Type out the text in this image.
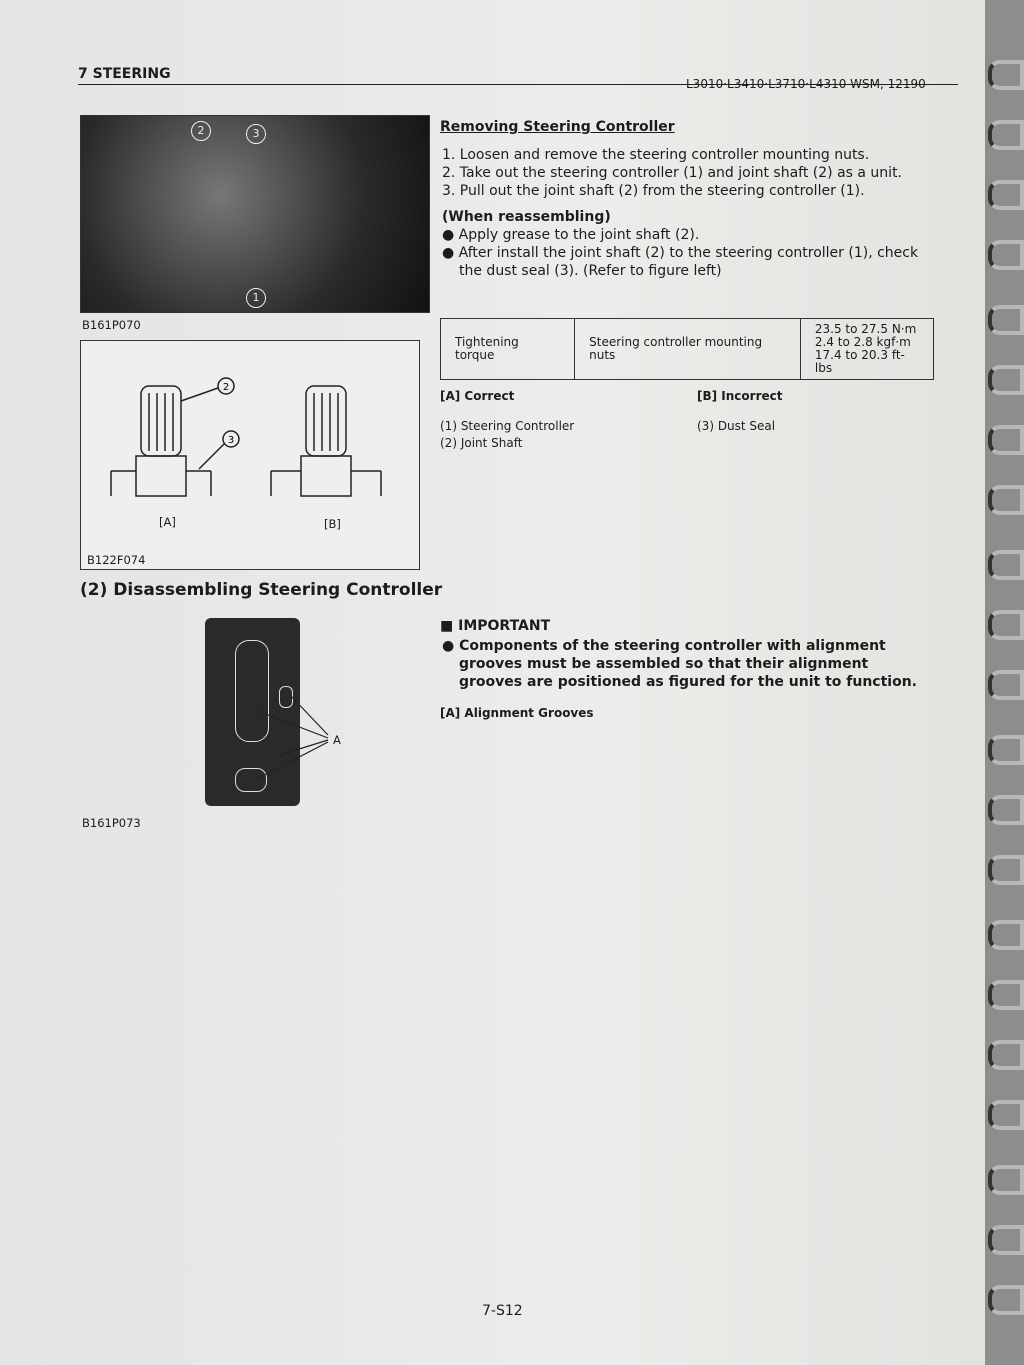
7 STEERING
L3010·L3410·L3710·L4310 WSM, 12190
2	3
1
B161P070
2
3
[A]	[B]
B122F074
(2) Disassembling Steering Controller
A
B161P073
Removing Steering Controller
1. Loosen and remove the steering controller mounting nuts.
2. Take out the steering controller (1) and joint shaft (2) as a unit.
3. Pull out the joint shaft (2) from the steering controller (1).
(When reassembling)
● Apply grease to the joint shaft (2).
● After install the joint shaft (2) to the steering controller (1), check the dust seal (3). (Refer to figure left)
Tightening torque	Steering controller mounting nuts	
23.5 to 27.5 N·m
2.4 to 2.8 kgf·m
17.4 to 20.3 ft-lbs
[A] Correct	[B] Incorrect
(1) Steering Controller
(2) Joint Shaft
(3) Dust Seal
■ IMPORTANT
● Components of the steering controller with alignment grooves must be assembled so that their alignment grooves are positioned as figured for the unit to function.
[A] Alignment Grooves
7-S12
